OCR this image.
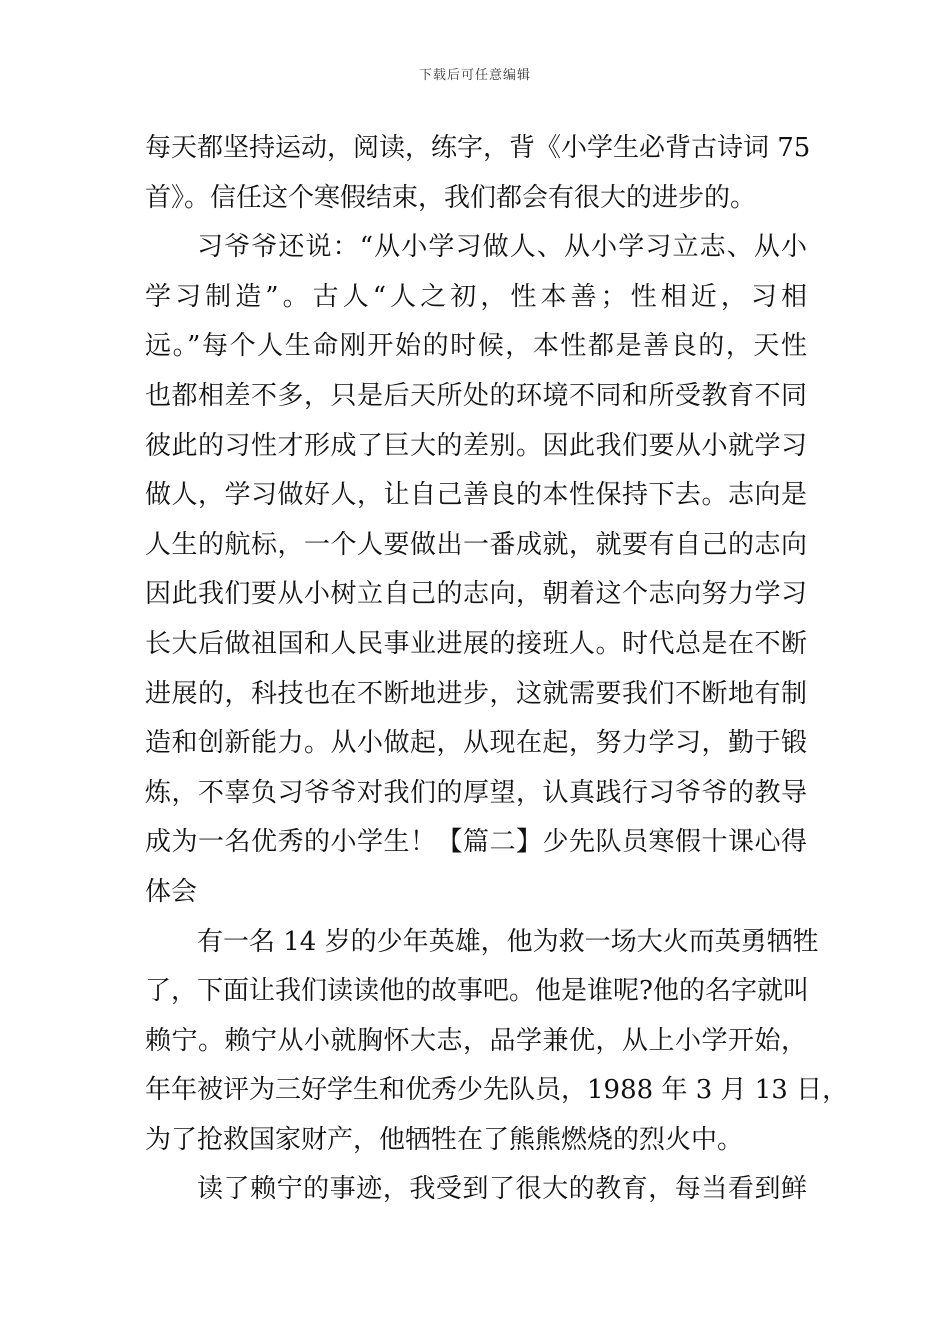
下载后可任意编辑
每天都坚持运动，阅读，练字，背《小学生必背古诗词 75
首》。信任这个寒假结束，我们都会有很大的进步的。
习爷爷还说：“从小学习做人、从小学习立志、从小
学习制造”。古人“人之初，性本善；性相近，习相
远。”每个人生命刚开始的时候，本性都是善良的，天性
也都相差不多，只是后天所处的环境不同和所受教育不同
彼此的习性才形成了巨大的差别。因此我们要从小就学习
做人，学习做好人，让自己善良的本性保持下去。志向是
人生的航标，一个人要做出一番成就，就要有自己的志向
因此我们要从小树立自己的志向，朝着这个志向努力学习
长大后做祖国和人民事业进展的接班人。时代总是在不断
进展的，科技也在不断地进步，这就需要我们不断地有制
造和创新能力。从小做起，从现在起，努力学习，勤于锻
炼，不辜负习爷爷对我们的厚望，认真践行习爷爷的教导
成为一名优秀的小学生！【篇二】少先队员寒假十课心得
体会
有一名 14 岁的少年英雄，他为救一场大火而英勇牺牲
了，下面让我们读读他的故事吧。他是谁呢?他的名字就叫
赖宁。赖宁从小就胸怀大志，品学兼优，从上小学开始，
年年被评为三好学生和优秀少先队员，1988 年 3 月 13 日，
为了抢救国家财产，他牺牲在了熊熊燃烧的烈火中。
读了赖宁的事迹，我受到了很大的教育，每当看到鲜
